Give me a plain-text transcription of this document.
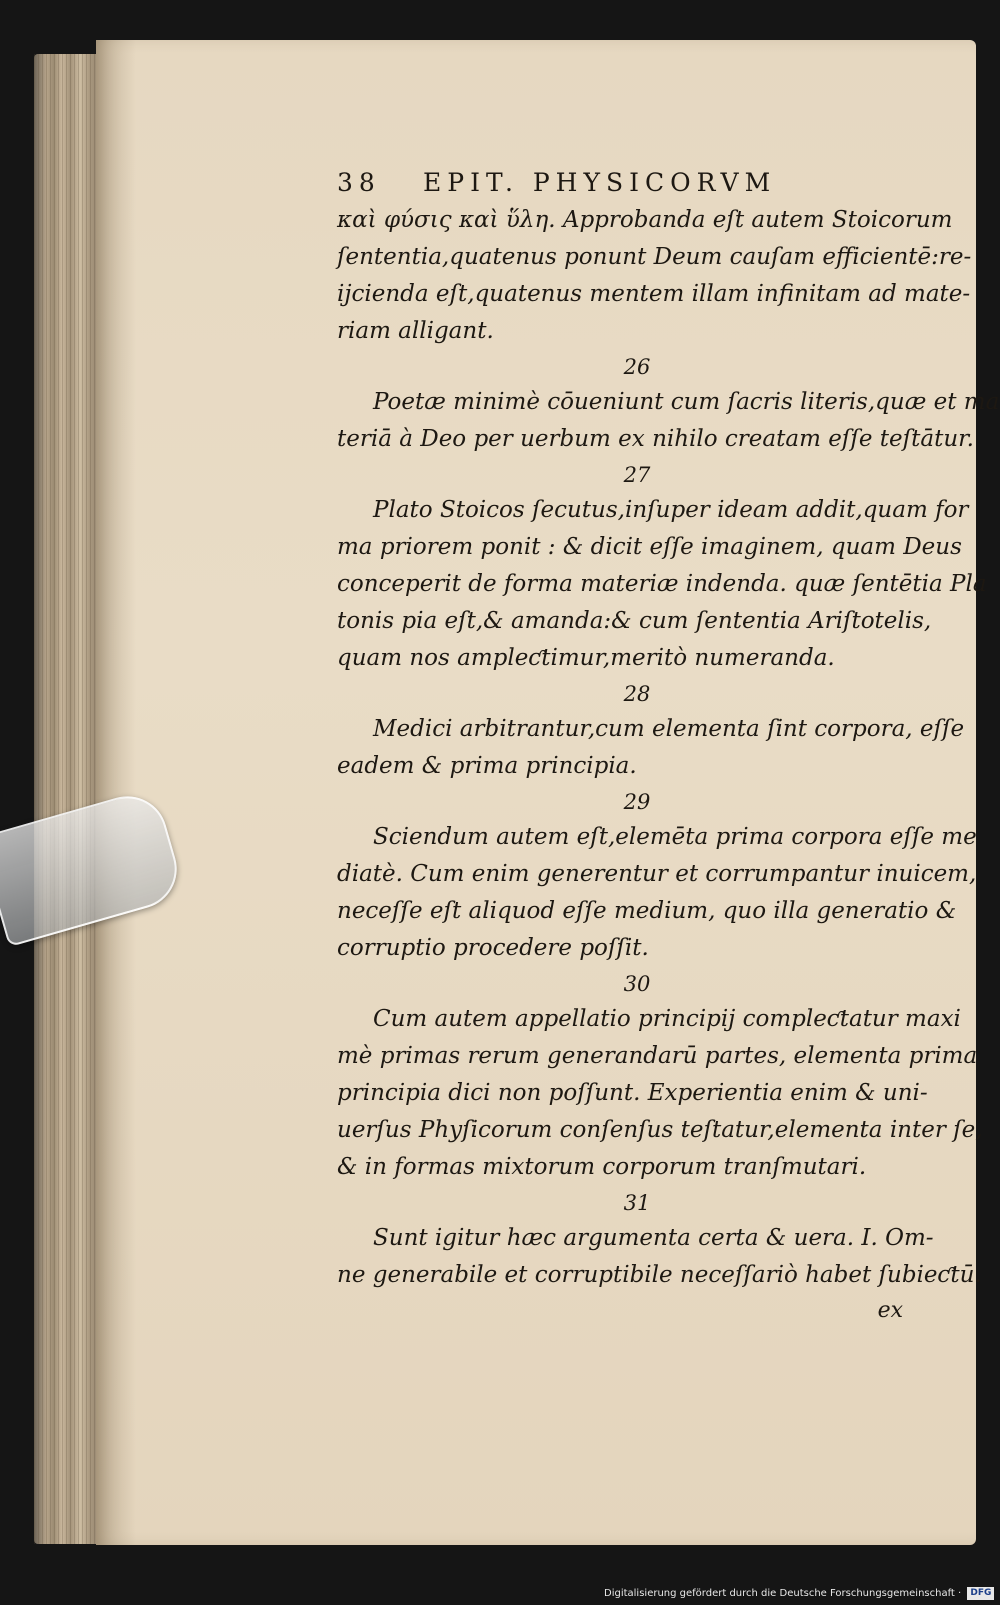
38 EPIT. PHYSICORVM
καὶ φύσις καὶ ὕλη. Approbanda eſt autem Stoicorum
ſententia,quatenus ponunt Deum cauſam efficientē:re-
ijcienda eſt,quatenus mentem illam infinitam ad mate-
riam alligant.
26
Poetæ minimè cōueniunt cum ſacris literis,quæ et ma
teriā à Deo per uerbum ex nihilo creatam eſſe teſtātur.
27
Plato Stoicos ſecutus,inſuper ideam addit,quam for
ma priorem ponit : & dicit eſſe imaginem, quam Deus
conceperit de forma materiæ indenda. quæ ſentētia Pla
tonis pia eſt,& amanda:& cum ſententia Ariſtotelis,
quam nos ampleƈtimur,meritò numeranda.
28
Medici arbitrantur,cum elementa ſint corpora, eſſe
eadem & prima principia.
29
Sciendum autem eſt,elemēta prima corpora eſſe me
diatè. Cum enim generentur et corrumpantur inuicem,
neceſſe eſt aliquod eſſe medium, quo illa generatio &
corruptio procedere poſſit.
30
Cum autem appellatio principij compleƈtatur maxi
mè primas rerum generandarū partes, elementa prima
principia dici non poſſunt. Experientia enim & uni-
uerſus Phyſicorum conſenſus teſtatur,elementa inter ſe,
& in formas mixtorum corporum tranſmutari.
31
Sunt igitur hæc argumenta certa & uera. I. Om-
ne generabile et corruptibile neceſſariò habet ſubieƈtū.
ex
Digitalisierung gefördert durch die Deutsche Forschungsgemeinschaft · DFG
